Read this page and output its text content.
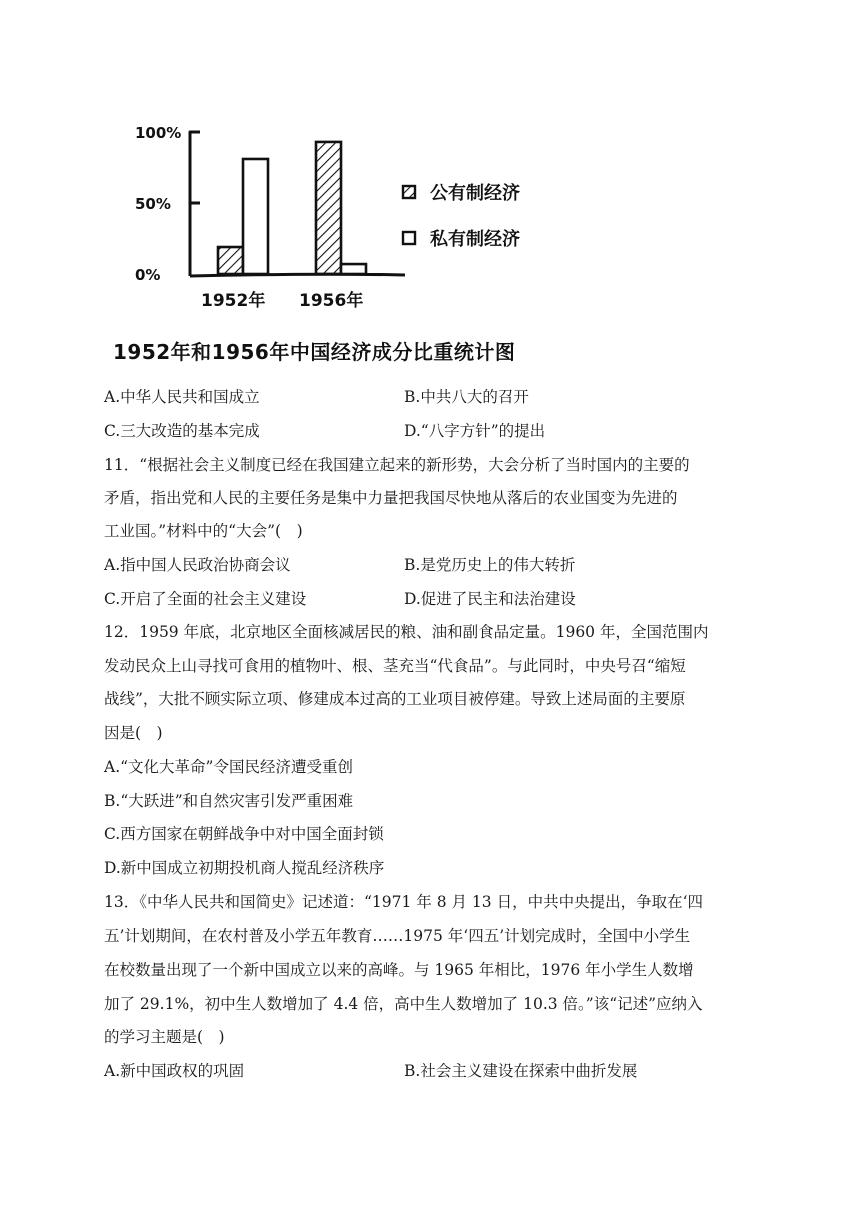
0%
50%
100%
1952年 1956年
公有制经济
私有制经济
1952年和1956年中国经济成分比重统计图
A.中华人民共和国成立	B.中共八大的召开
C.三大改造的基本完成	D.“八字方针”的提出
11．“根据社会主义制度已经在我国建立起来的新形势，大会分析了当时国内的主要的
矛盾，指出党和人民的主要任务是集中力量把我国尽快地从落后的农业国变为先进的
工业国。”材料中的“大会”(　)
A.指中国人民政治协商会议	B.是党历史上的伟大转折
C.开启了全面的社会主义建设	D.促进了民主和法治建设
12．1959 年底，北京地区全面核减居民的粮、油和副食品定量。1960 年，全国范围内
发动民众上山寻找可食用的植物叶、根、茎充当“代食品”。与此同时，中央号召“缩短
战线”，大批不顾实际立项、修建成本过高的工业项目被停建。导致上述局面的主要原
因是(　)
A.“文化大革命”令国民经济遭受重创
B.“大跃进”和自然灾害引发严重困难
C.西方国家在朝鲜战争中对中国全面封锁
D.新中国成立初期投机商人搅乱经济秩序
13．《中华人民共和国简史》记述道：“1971 年 8 月 13 日，中共中央提出，争取在‘四
五’计划期间，在农村普及小学五年教育……1975 年‘四五’计划完成时，全国中小学生
在校数量出现了一个新中国成立以来的高峰。与 1965 年相比，1976 年小学生人数增
加了 29.1%，初中生人数增加了 4.4 倍，高中生人数增加了 10.3 倍。”该“记述”应纳入
的学习主题是(　)
A.新中国政权的巩固	B.社会主义建设在探索中曲折发展
